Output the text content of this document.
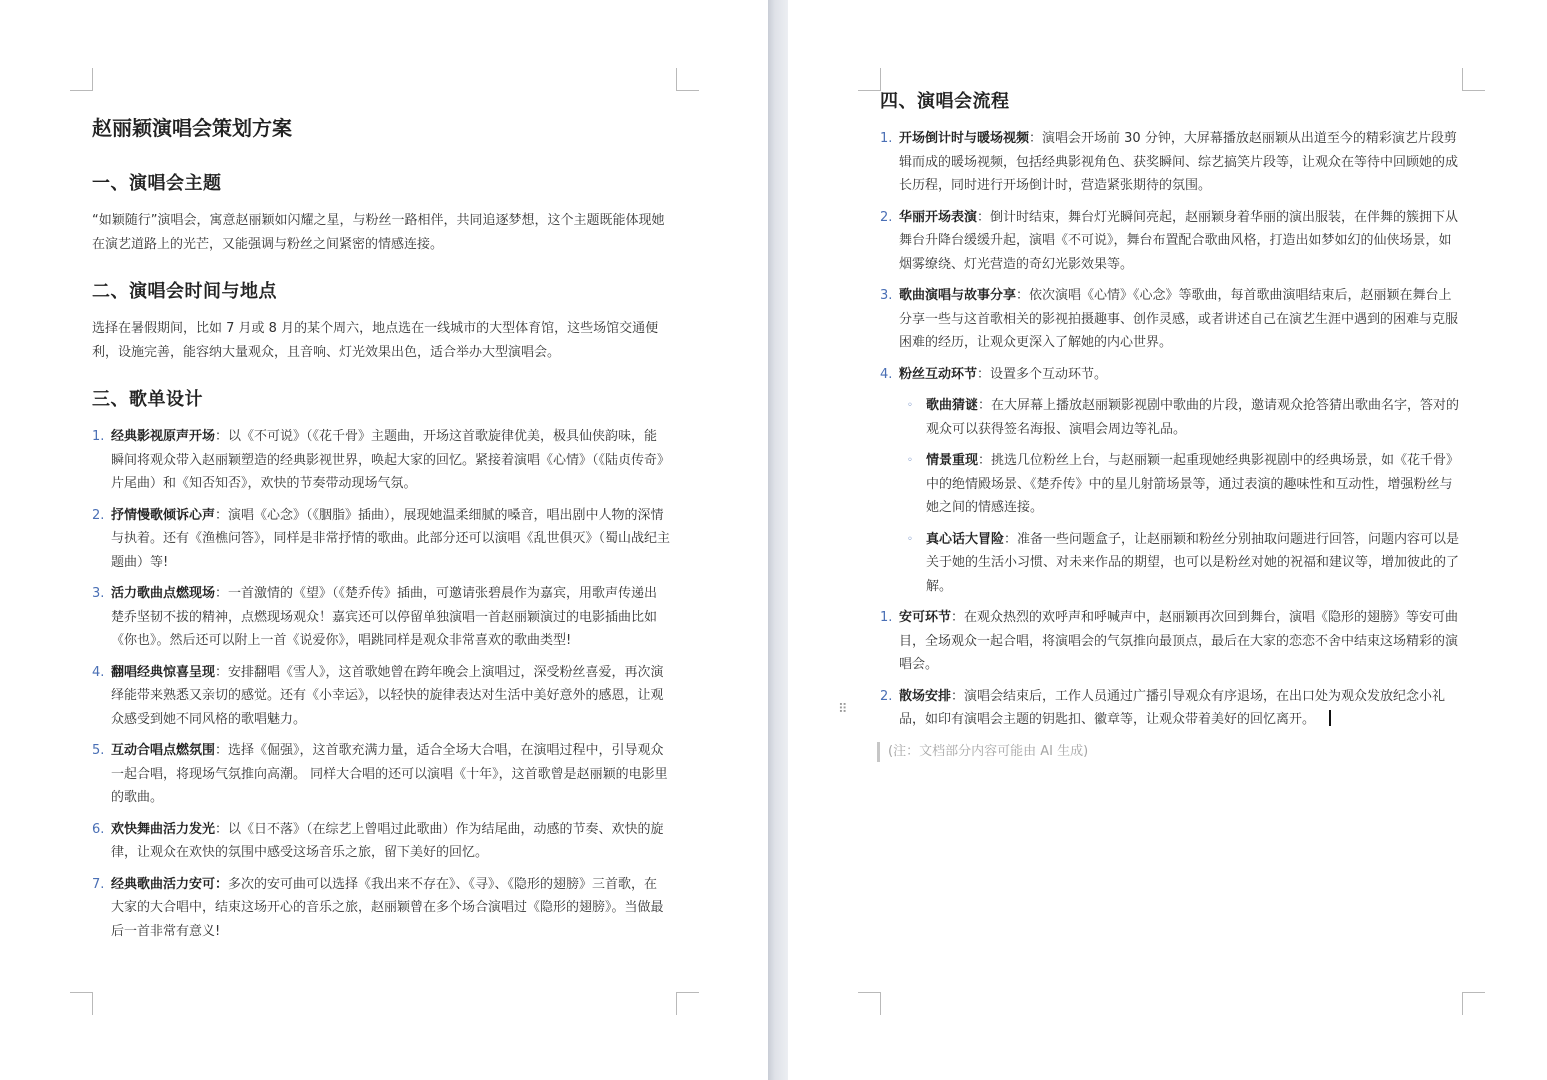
赵丽颖演唱会策划方案
一、演唱会主题

“如颖随行”演唱会，寓意赵丽颖如闪耀之星，与粉丝一路相伴，共同追逐梦想，这个主题既能体现她在演艺道路上的光芒，又能强调与粉丝之间紧密的情感连接。

二、演唱会时间与地点

选择在暑假期间，比如 7 月或 8 月的某个周六，地点选在一线城市的大型体育馆，这些场馆交通便利，设施完善，能容纳大量观众，且音响、灯光效果出色，适合举办大型演唱会。

三、歌单设计
1. 经典影视原声开场：以《不可说》（《花千骨》主题曲，开场这首歌旋律优美，极具仙侠韵味，能瞬间将观众带入赵丽颖塑造的经典影视世界，唤起大家的回忆。紧接着演唱《心情》（《陆贞传奇》片尾曲）和《知否知否》，欢快的节奏带动现场气氛。
2. 抒情慢歌倾诉心声：演唱《心念》（《胭脂》插曲），展现她温柔细腻的嗓音，唱出剧中人物的深情与执着。还有《渔樵问答》，同样是非常抒情的歌曲。此部分还可以演唱《乱世俱灭》（蜀山战纪主题曲）等!
3. 活力歌曲点燃现场：一首激情的《望》（《楚乔传》插曲，可邀请张碧晨作为嘉宾，用歌声传递出楚乔坚韧不拔的精神，点燃现场观众！嘉宾还可以停留单独演唱一首赵丽颖演过的电影插曲比如《你也》。然后还可以附上一首《说爱你》，唱跳同样是观众非常喜欢的歌曲类型!
4. 翻唱经典惊喜呈现：安排翻唱《雪人》，这首歌她曾在跨年晚会上演唱过，深受粉丝喜爱，再次演绎能带来熟悉又亲切的感觉。还有《小幸运》，以轻快的旋律表达对生活中美好意外的感恩，让观众感受到她不同风格的歌唱魅力。
5. 互动合唱点燃氛围：选择《倔强》，这首歌充满力量，适合全场大合唱，在演唱过程中，引导观众一起合唱，将现场气氛推向高潮。 同样大合唱的还可以演唱《十年》，这首歌曾是赵丽颖的电影里的歌曲。
6. 欢快舞曲活力发光：以《日不落》（在综艺上曾唱过此歌曲）作为结尾曲，动感的节奏、欢快的旋律，让观众在欢快的氛围中感受这场音乐之旅，留下美好的回忆。
7. 经典歌曲活力安可：多次的安可曲可以选择《我出来不存在》、《寻》、《隐形的翅膀》三首歌，在大家的大合唱中，结束这场开心的音乐之旅，赵丽颖曾在多个场合演唱过《隐形的翅膀》。当做最后一首非常有意义!
四、演唱会流程
1. 开场倒计时与暖场视频：演唱会开场前 30 分钟，大屏幕播放赵丽颖从出道至今的精彩演艺片段剪辑而成的暖场视频，包括经典影视角色、获奖瞬间、综艺搞笑片段等，让观众在等待中回顾她的成长历程，同时进行开场倒计时，营造紧张期待的氛围。
2. 华丽开场表演：倒计时结束，舞台灯光瞬间亮起，赵丽颖身着华丽的演出服装，在伴舞的簇拥下从舞台升降台缓缓升起，演唱《不可说》，舞台布置配合歌曲风格，打造出如梦如幻的仙侠场景，如烟雾缭绕、灯光营造的奇幻光影效果等。
3. 歌曲演唱与故事分享：依次演唱《心情》《心念》等歌曲，每首歌曲演唱结束后，赵丽颖在舞台上分享一些与这首歌相关的影视拍摄趣事、创作灵感，或者讲述自己在演艺生涯中遇到的困难与克服困难的经历，让观众更深入了解她的内心世界。
4. 粉丝互动环节：设置多个互动环节。
◦ 歌曲猜谜：在大屏幕上播放赵丽颖影视剧中歌曲的片段，邀请观众抢答猜出歌曲名字，答对的观众可以获得签名海报、演唱会周边等礼品。
◦ 情景重现：挑选几位粉丝上台，与赵丽颖一起重现她经典影视剧中的经典场景，如《花千骨》中的绝情殿场景、《楚乔传》中的星儿射箭场景等，通过表演的趣味性和互动性，增强粉丝与她之间的情感连接。
◦ 真心话大冒险：准备一些问题盒子，让赵丽颖和粉丝分别抽取问题进行回答，问题内容可以是关于她的生活小习惯、对未来作品的期望，也可以是粉丝对她的祝福和建议等，增加彼此的了解。
1. 安可环节：在观众热烈的欢呼声和呼喊声中，赵丽颖再次回到舞台，演唱《隐形的翅膀》等安可曲目，全场观众一起合唱，将演唱会的气氛推向最顶点，最后在大家的恋恋不舍中结束这场精彩的演唱会。
2. 散场安排：演唱会结束后，工作人员通过广播引导观众有序退场，在出口处为观众发放纪念小礼品，如印有演唱会主题的钥匙扣、徽章等，让观众带着美好的回忆离开。
(注：文档部分内容可能由 AI 生成)
⠿
